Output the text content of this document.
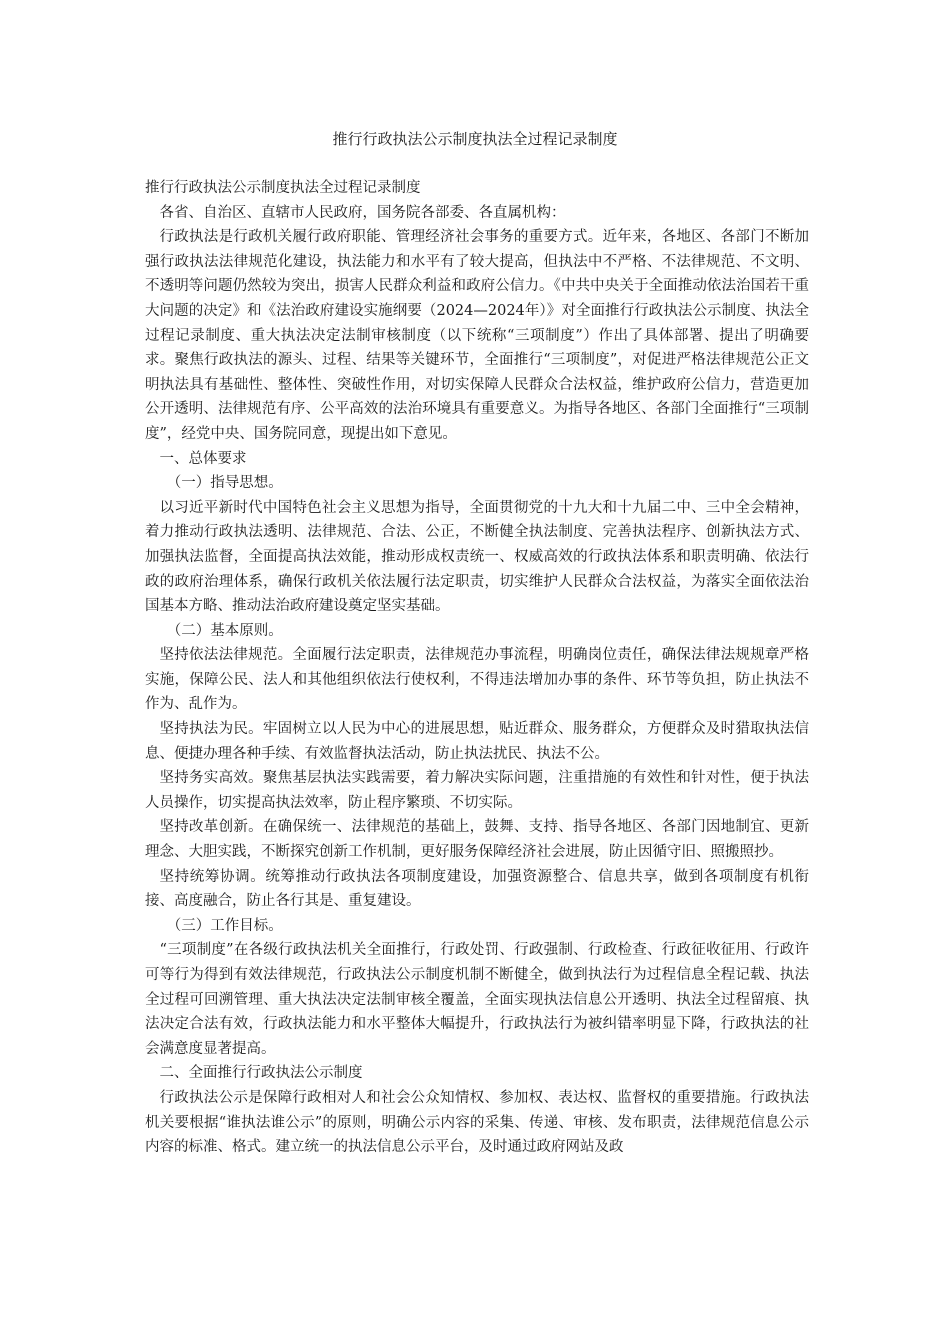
推行行政执法公示制度执法全过程记录制度

推行行政执法公示制度执法全过程记录制度

各省、自治区、直辖市人民政府，国务院各部委、各直属机构：

行政执法是行政机关履行政府职能、管理经济社会事务的重要方式。近年来，各地区、各部门不断加强行政执法法律规范化建设，执法能力和水平有了较大提高，但执法中不严格、不法律规范、不文明、不透明等问题仍然较为突出，损害人民群众利益和政府公信力。《中共中央关于全面推动依法治国若干重大问题的决定》和《法治政府建设实施纲要（2024—2024年）》对全面推行行政执法公示制度、执法全过程记录制度、重大执法决定法制审核制度（以下统称“三项制度”）作出了具体部署、提出了明确要求。聚焦行政执法的源头、过程、结果等关键环节，全面推行“三项制度”，对促进严格法律规范公正文明执法具有基础性、整体性、突破性作用，对切实保障人民群众合法权益，维护政府公信力，营造更加公开透明、法律规范有序、公平高效的法治环境具有重要意义。为指导各地区、各部门全面推行“三项制度”，经党中央、国务院同意，现提出如下意见。

一、总体要求

（一）指导思想。

以习近平新时代中国特色社会主义思想为指导，全面贯彻党的十九大和十九届二中、三中全会精神，着力推动行政执法透明、法律规范、合法、公正，不断健全执法制度、完善执法程序、创新执法方式、加强执法监督，全面提高执法效能，推动形成权责统一、权威高效的行政执法体系和职责明确、依法行政的政府治理体系，确保行政机关依法履行法定职责，切实维护人民群众合法权益，为落实全面依法治国基本方略、推动法治政府建设奠定坚实基础。

（二）基本原则。

坚持依法法律规范。全面履行法定职责，法律规范办事流程，明确岗位责任，确保法律法规规章严格实施，保障公民、法人和其他组织依法行使权利，不得违法增加办事的条件、环节等负担，防止执法不作为、乱作为。

坚持执法为民。牢固树立以人民为中心的进展思想，贴近群众、服务群众，方便群众及时猎取执法信息、便捷办理各种手续、有效监督执法活动，防止执法扰民、执法不公。

坚持务实高效。聚焦基层执法实践需要，着力解决实际问题，注重措施的有效性和针对性，便于执法人员操作，切实提高执法效率，防止程序繁琐、不切实际。

坚持改革创新。在确保统一、法律规范的基础上，鼓舞、支持、指导各地区、各部门因地制宜、更新理念、大胆实践，不断探究创新工作机制，更好服务保障经济社会进展，防止因循守旧、照搬照抄。

坚持统筹协调。统筹推动行政执法各项制度建设，加强资源整合、信息共享，做到各项制度有机衔接、高度融合，防止各行其是、重复建设。

（三）工作目标。

“三项制度”在各级行政执法机关全面推行，行政处罚、行政强制、行政检查、行政征收征用、行政许可等行为得到有效法律规范，行政执法公示制度机制不断健全，做到执法行为过程信息全程记载、执法全过程可回溯管理、重大执法决定法制审核全覆盖，全面实现执法信息公开透明、执法全过程留痕、执法决定合法有效，行政执法能力和水平整体大幅提升，行政执法行为被纠错率明显下降，行政执法的社会满意度显著提高。

二、全面推行行政执法公示制度

行政执法公示是保障行政相对人和社会公众知情权、参加权、表达权、监督权的重要措施。行政执法机关要根据“谁执法谁公示”的原则，明确公示内容的采集、传递、审核、发布职责，法律规范信息公示内容的标准、格式。建立统一的执法信息公示平台，及时通过政府网站及政
